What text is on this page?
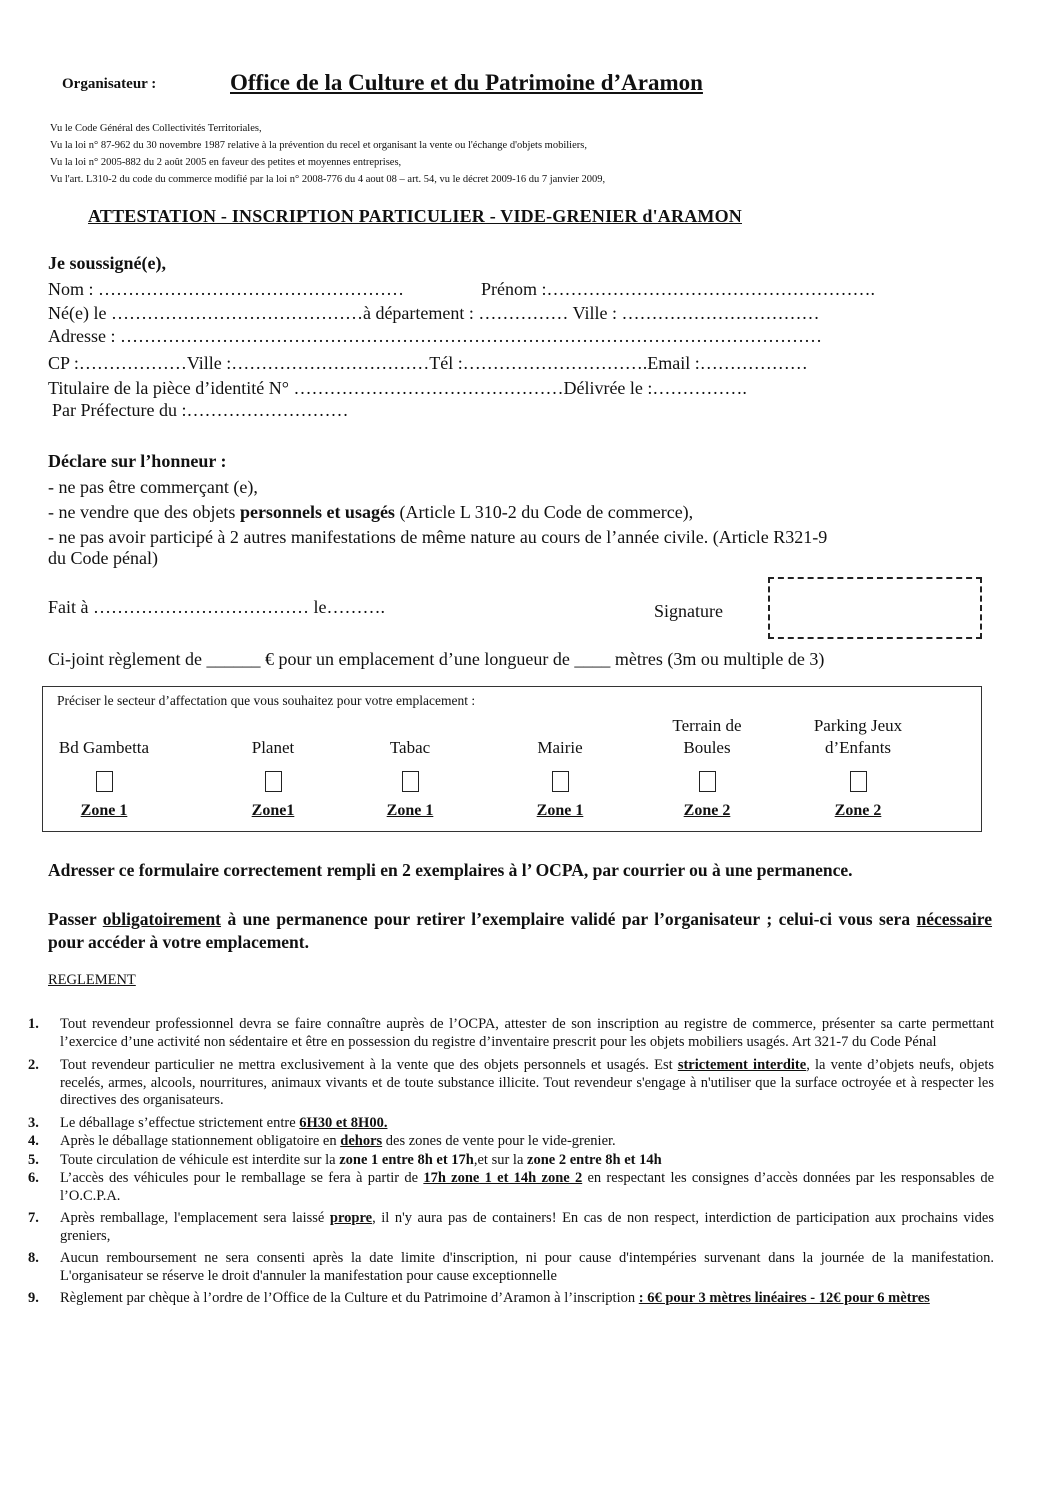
Organisateur :	Office de la Culture et du Patrimoine d’Aramon
Vu le Code Général des Collectivités Territoriales,
Vu la loi n° 87-962 du 30 novembre 1987 relative à la prévention du recel et organisant la vente ou l'échange d'objets mobiliers,
Vu la loi n° 2005-882 du 2 août 2005 en faveur des petites et moyennes entreprises,
Vu l'art. L310-2 du code du commerce modifié par la loi n° 2008-776 du 4 aout 08 – art. 54, vu le décret 2009-16 du 7 janvier 2009,
ATTESTATION - INSCRIPTION PARTICULIER - VIDE-GRENIER d'ARAMON
Je soussigné(e),
Nom : ……………………………………………	Prénom :……………………………………………….
Né(e) le ……………………………………à département : …………… Ville : ……………………………
Adresse : ………………………………………………………………………………………………………
CP :………………Ville :……………………………Tél :………………………….Email :………………
Titulaire de la pièce d’identité N° ………………………………………Délivrée le :…………….
Par Préfecture du :………………………
Déclare sur l’honneur :
- ne pas être commerçant (e),
- ne vendre que des objets personnels et usagés (Article L 310-2 du Code de commerce),
- ne pas avoir participé à 2 autres manifestations de même nature au cours de l’année civile. (Article R321-9
du Code pénal)
Fait à ……………………………… le……….	Signature
Ci-joint règlement de ______ € pour un emplacement d’une longueur de ____ mètres (3m ou multiple de 3)
Préciser le secteur d’affectation que vous souhaitez pour votre emplacement :
Bd Gambetta
Zone 1
Planet
Zone1
Tabac
Zone 1
Mairie
Zone 1
Terrain de Boules
Zone 2
Parking Jeux d’Enfants
Zone 2
Adresser ce formulaire correctement rempli en 2 exemplaires à l’ OCPA, par courrier ou à une permanence.
Passer obligatoirement à une permanence pour retirer l’exemplaire validé par l’organisateur ; celui-ci vous sera nécessaire pour accéder à votre emplacement.
REGLEMENT
1.	Tout revendeur professionnel devra se faire connaître auprès de l’OCPA, attester de son inscription au registre de commerce, présenter sa carte permettant l’exercice d’une activité non sédentaire et être en possession du registre d’inventaire prescrit pour les objets mobiliers usagés. Art 321-7 du Code Pénal
2.	Tout revendeur particulier ne mettra exclusivement à la vente que des objets personnels et usagés. Est strictement interdite, la vente d’objets neufs, objets recelés, armes, alcools, nourritures, animaux vivants et de toute substance illicite. Tout revendeur s'engage à n'utiliser que la surface octroyée et à respecter les directives des organisateurs.
3.	Le déballage s’effectue strictement entre 6H30 et 8H00.
4.	Après le déballage stationnement obligatoire en dehors des zones de vente pour le vide-grenier.
5.	Toute circulation de véhicule est interdite sur la zone 1 entre 8h et 17h,et sur la zone 2 entre 8h et 14h
6.	L’accès des véhicules pour le remballage se fera à partir de 17h zone 1 et 14h zone 2 en respectant les consignes d’accès données par les responsables de l’O.C.P.A.
7.	Après remballage, l'emplacement sera laissé propre, il n'y aura pas de containers! En cas de non respect, interdiction de participation aux prochains vides greniers,
8.	Aucun remboursement ne sera consenti après la date limite d'inscription, ni pour cause d'intempéries survenant dans la journée de la manifestation. L'organisateur se réserve le droit d'annuler la manifestation pour cause exceptionnelle
9.	Règlement par chèque à l’ordre de l’Office de la Culture et du Patrimoine d’Aramon à l’inscription : 6€ pour 3 mètres linéaires - 12€ pour 6 mètres
